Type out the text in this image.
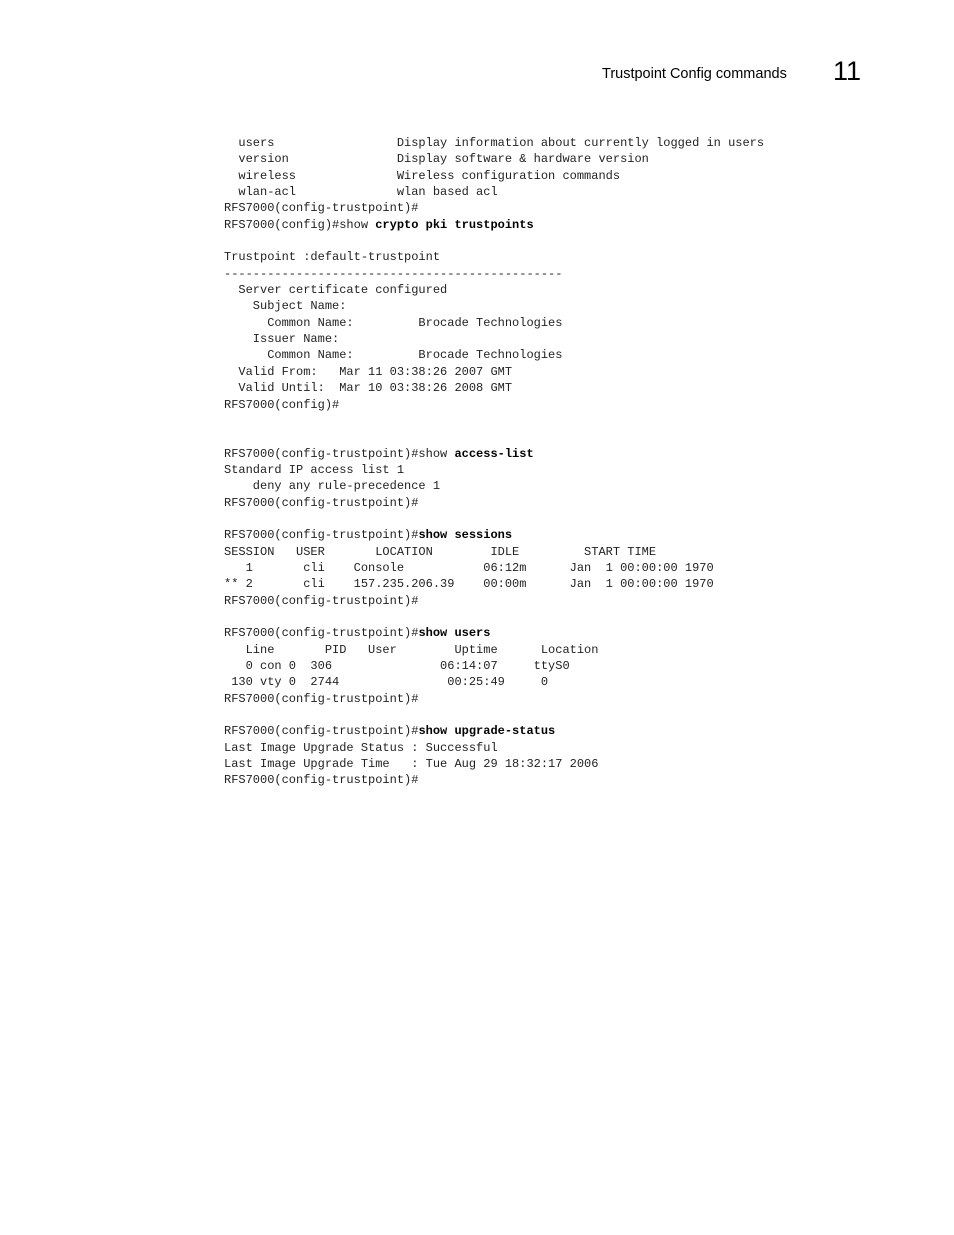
Trustpoint Config commands 11
users                 Display information about currently logged in users
version               Display software & hardware version
wireless              Wireless configuration commands
wlan-acl              wlan based acl
RFS7000(config-trustpoint)#
RFS7000(config)#show crypto pki trustpoints

Trustpoint :default-trustpoint
-----------------------------------------------
Server certificate configured
Subject Name:
Common Name:         Brocade Technologies
Issuer Name:
Common Name:         Brocade Technologies
Valid From:   Mar 11 03:38:26 2007 GMT
Valid Until:  Mar 10 03:38:26 2008 GMT
RFS7000(config)#

RFS7000(config-trustpoint)#show access-list
Standard IP access list 1
deny any rule-precedence 1
RFS7000(config-trustpoint)#

RFS7000(config-trustpoint)#show sessions
SESSION   USER       LOCATION        IDLE         START TIME
1       cli    Console           06:12m      Jan  1 00:00:00 1970
** 2       cli    157.235.206.39    00:00m      Jan  1 00:00:00 1970
RFS7000(config-trustpoint)#

RFS7000(config-trustpoint)#show users
Line       PID   User        Uptime      Location
0 con 0  306               06:14:07     ttyS0
130 vty 0  2744               00:25:49     0
RFS7000(config-trustpoint)#

RFS7000(config-trustpoint)#show upgrade-status
Last Image Upgrade Status : Successful
Last Image Upgrade Time   : Tue Aug 29 18:32:17 2006
RFS7000(config-trustpoint)#
